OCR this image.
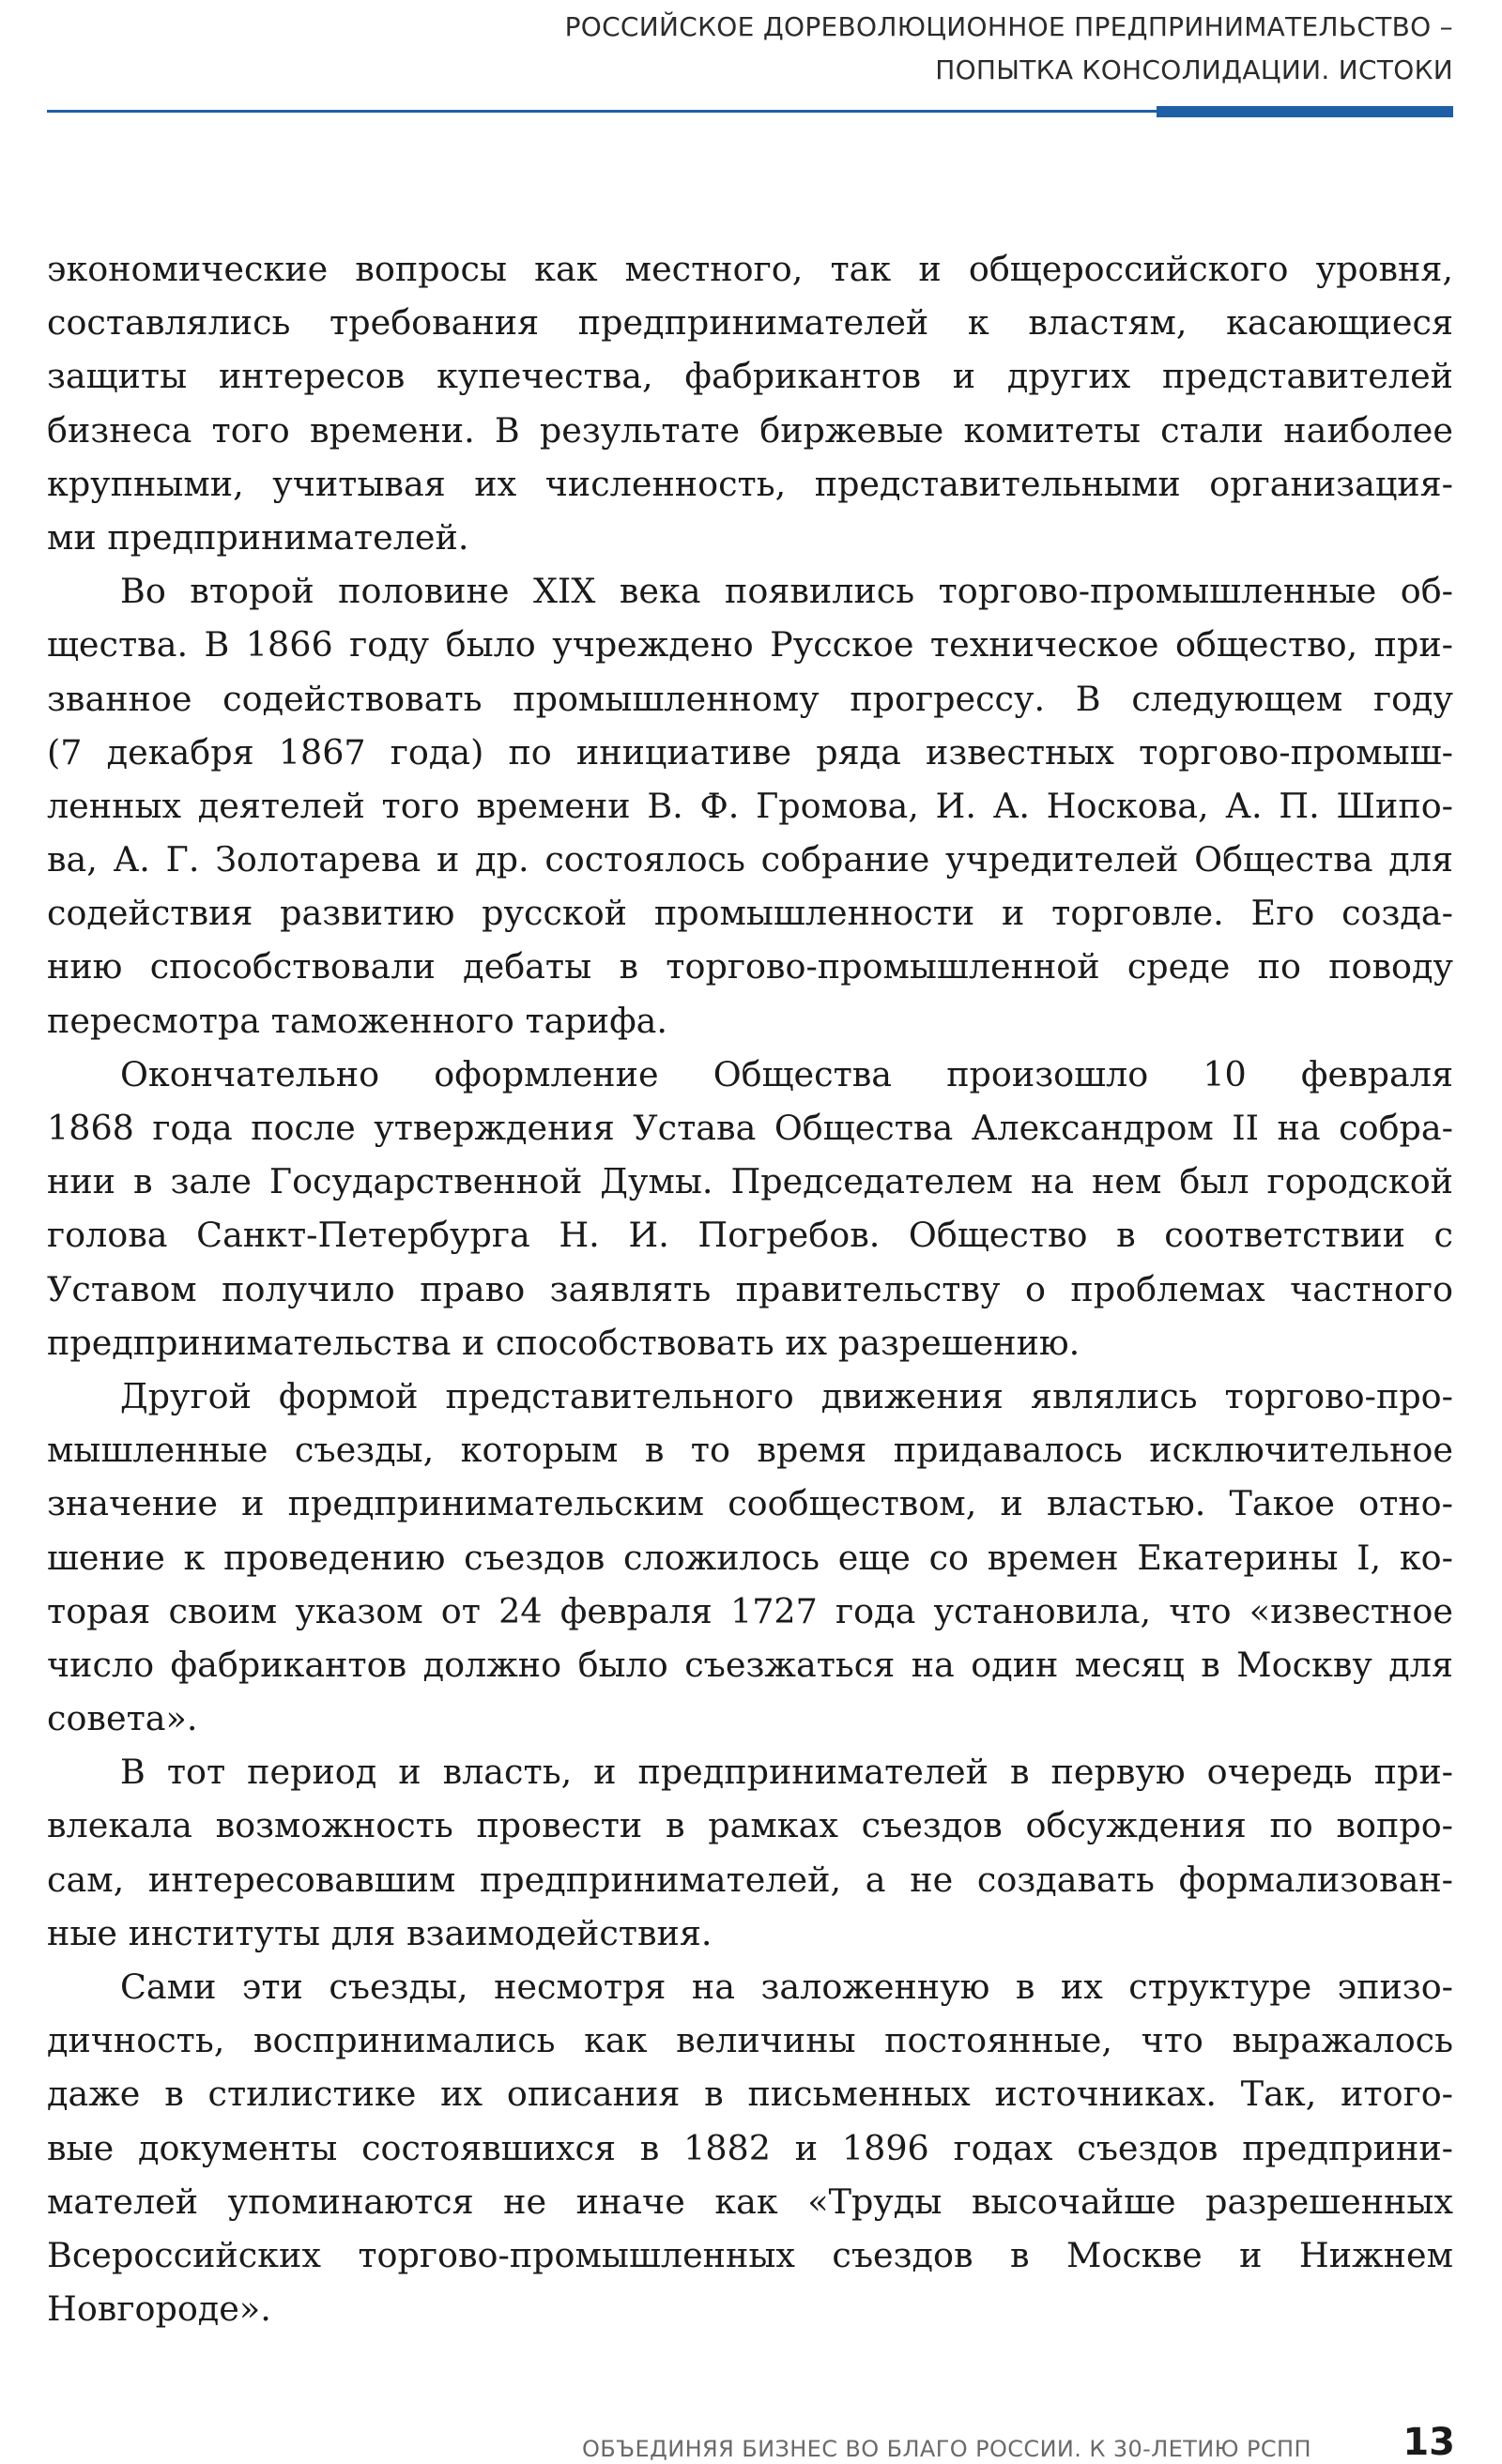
РОССИЙСКОЕ ДОРЕВОЛЮЦИОННОЕ ПРЕДПРИНИМАТЕЛЬСТВО –
ПОПЫТКА КОНСОЛИДАЦИИ. ИСТОКИ
экономические вопросы как местного, так и общероссийского уровня,
составлялись требования предпринимателей к властям, касающиеся
защиты интересов купечества, фабрикантов и других представителей
бизнеса того времени. В результате биржевые комитеты стали наиболее
крупными, учитывая их численность, представительными организация-
ми предпринимателей.
Во второй половине XIX века появились торгово-промышленные об-
щества. В 1866 году было учреждено Русское техническое общество, при-
званное содействовать промышленному прогрессу. В следующем году
(7 декабря 1867 года) по инициативе ряда известных торгово-промыш-
ленных деятелей того времени В. Ф. Громова, И. А. Носкова, А. П. Шипо-
ва, А. Г. Золотарева и др. состоялось собрание учредителей Общества для
содействия развитию русской промышленности и торговле. Его созда-
нию способствовали дебаты в торгово-промышленной среде по поводу
пересмотра таможенного тарифа.
Окончательно оформление Общества произошло 10 февраля
1868 года после утверждения Устава Общества Александром II на собра-
нии в зале Государственной Думы. Председателем на нем был городской
голова Санкт-Петербурга Н. И. Погребов. Общество в соответствии с
Уставом получило право заявлять правительству о проблемах частного
предпринимательства и способствовать их разрешению.
Другой формой представительного движения являлись торгово-про-
мышленные съезды, которым в то время придавалось исключительное
значение и предпринимательским сообществом, и властью. Такое отно-
шение к проведению съездов сложилось еще со времен Екатерины I, ко-
торая своим указом от 24 февраля 1727 года установила, что «известное
число фабрикантов должно было съезжаться на один месяц в Москву для
совета».
В тот период и власть, и предпринимателей в первую очередь при-
влекала возможность провести в рамках съездов обсуждения по вопро-
сам, интересовавшим предпринимателей, а не создавать формализован-
ные институты для взаимодействия.
Сами эти съезды, несмотря на заложенную в их структуре эпизо-
дичность, воспринимались как величины постоянные, что выражалось
даже в стилистике их описания в письменных источниках. Так, итого-
вые документы состоявшихся в 1882 и 1896 годах съездов предприни-
мателей упоминаются не иначе как «Труды высочайше разрешенных
Всероссийских торгово-промышленных съездов в Москве и Нижнем
Новгороде».
ОБЪЕДИНЯЯ БИЗНЕС ВО БЛАГО РОССИИ. К 30-ЛЕТИЮ РСПП 13
